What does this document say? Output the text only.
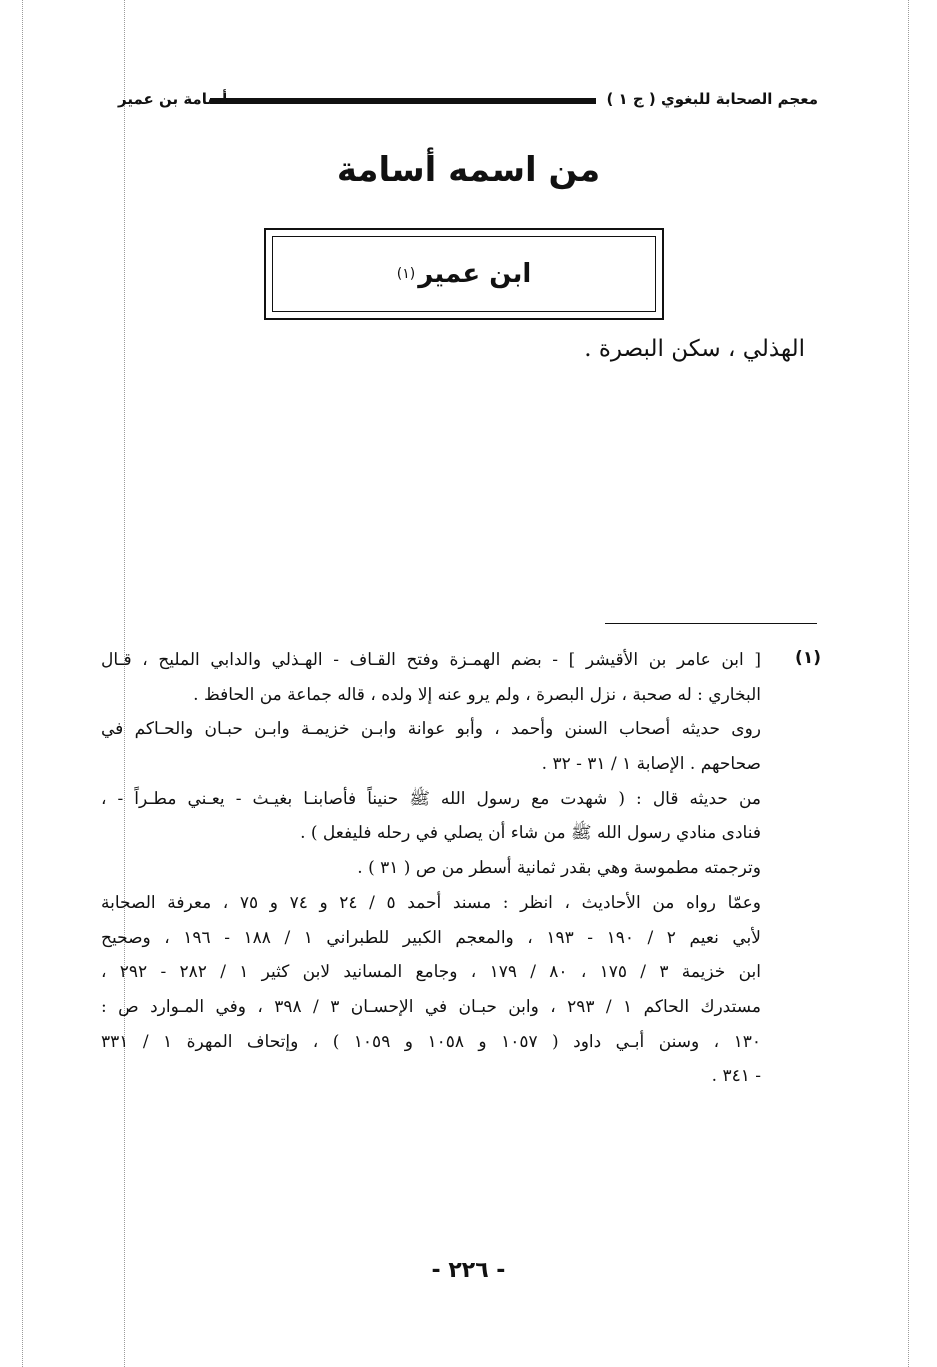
معجم الصحابة للبغوي ( ج ١ )
أسامة بن عمير
من اسمه أسامة
ابن عمير
(١)
الهذلي ، سكن البصرة .
(١)
[ ابن عامر بن الأقيشر ] - بضم الهمـزة وفتح القـاف - الهـذلي والدابي المليح ، قـال
البخاري : له صحبة ، نزل البصرة ، ولم يرو عنه إلا ولده ، قاله جماعة من الحافظ .
روى حديثه أصحاب السنن وأحمد ، وأبو عوانة وابـن خزيمـة وابـن حبـان والحـاكم في
صحاحهم . الإصابة ١ / ٣١ - ٣٢ .
من حديثه قال : ( شهدت مع رسول الله ﷺ حنيناً فأصابنـا بغيـث - يعـني مطـراً - ،
فنادى منادي رسول الله ﷺ من شاء أن يصلي في رحله فليفعل ) .
وترجمته مطموسة وهي بقدر ثمانية أسطر من ص ( ٣١ ) .
وعمّا رواه من الأحاديث ، انظر : مسند أحمد ٥ / ٢٤ و ٧٤ و ٧٥ ، معرفة الصحابة
لأبي نعيم ٢ / ١٩٠ - ١٩٣ ، والمعجم الكبير للطبراني ١ / ١٨٨ - ١٩٦ ، وصحيح
ابن خزيمة ٣ / ١٧٥ ، ٨٠ / ١٧٩ ، وجامع المسانيد لابن كثير ١ / ٢٨٢ - ٢٩٢ ،
مستدرك الحاكم ١ / ٢٩٣ ، وابن حبـان في الإحسـان ٣ / ٣٩٨ ، وفي المـوارد ص :
١٣٠ ، وسنن أبـي داود ( ١٠٥٧ و ١٠٥٨ و ١٠٥٩ ) ، وإتحاف المهرة ١ / ٣٣١
- ٣٤١ .
- ٢٢٦ -
